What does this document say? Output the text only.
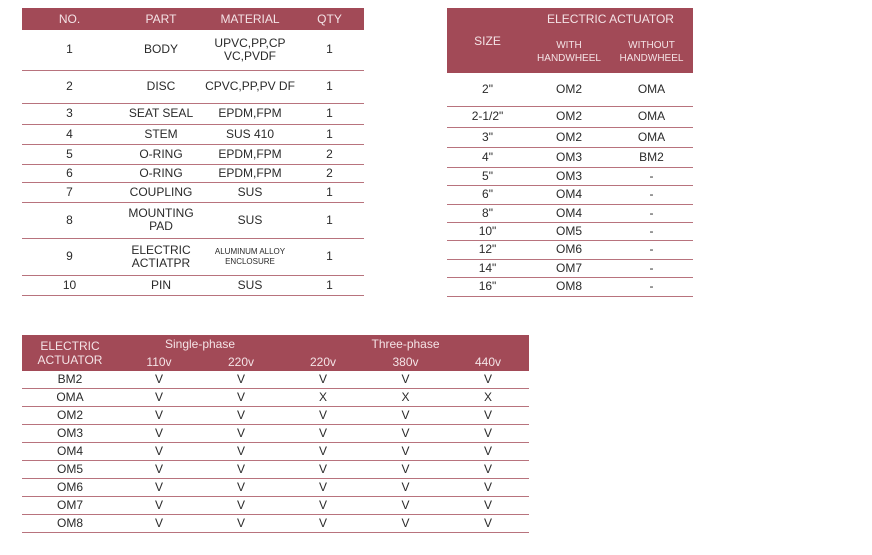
NO.	PART	MATERIAL	QTY
1	BODY	UPVC,PP,CP VC,PVDF	1
2	DISC	CPVC,PP,PV DF	1
3	SEAT SEAL	EPDM,FPM	1
4	STEM	SUS 410	1
5	O-RING	EPDM,FPM	2
6	O-RING	EPDM,FPM	2
7	COUPLING	SUS	1
8	MOUNTING PAD	SUS	1
9	ELECTRIC ACTIATPR	ALUMINUM ALLOY ENCLOSURE	1
10	PIN	SUS	1
SIZE	ELECTRIC ACTUATOR	
	WITH HANDWHEEL	WITHOUT HANDWHEEL
2"	OM2	OMA
2-1/2"	OM2	OMA
3"	OM2	OMA
4"	OM3	BM2
5"	OM3	-
6"	OM4	-
8"	OM4	-
10"	OM5	-
12"	OM6	-
14"	OM7	-
16"	OM8	-
ELECTRIC ACTUATOR	Single-phase		Three-phase		
	110v	220v	220v	380v	440v
BM2	V	V	V	V	V
OMA	V	V	X	X	X
OM2	V	V	V	V	V
OM3	V	V	V	V	V
OM4	V	V	V	V	V
OM5	V	V	V	V	V
OM6	V	V	V	V	V
OM7	V	V	V	V	V
OM8	V	V	V	V	V
